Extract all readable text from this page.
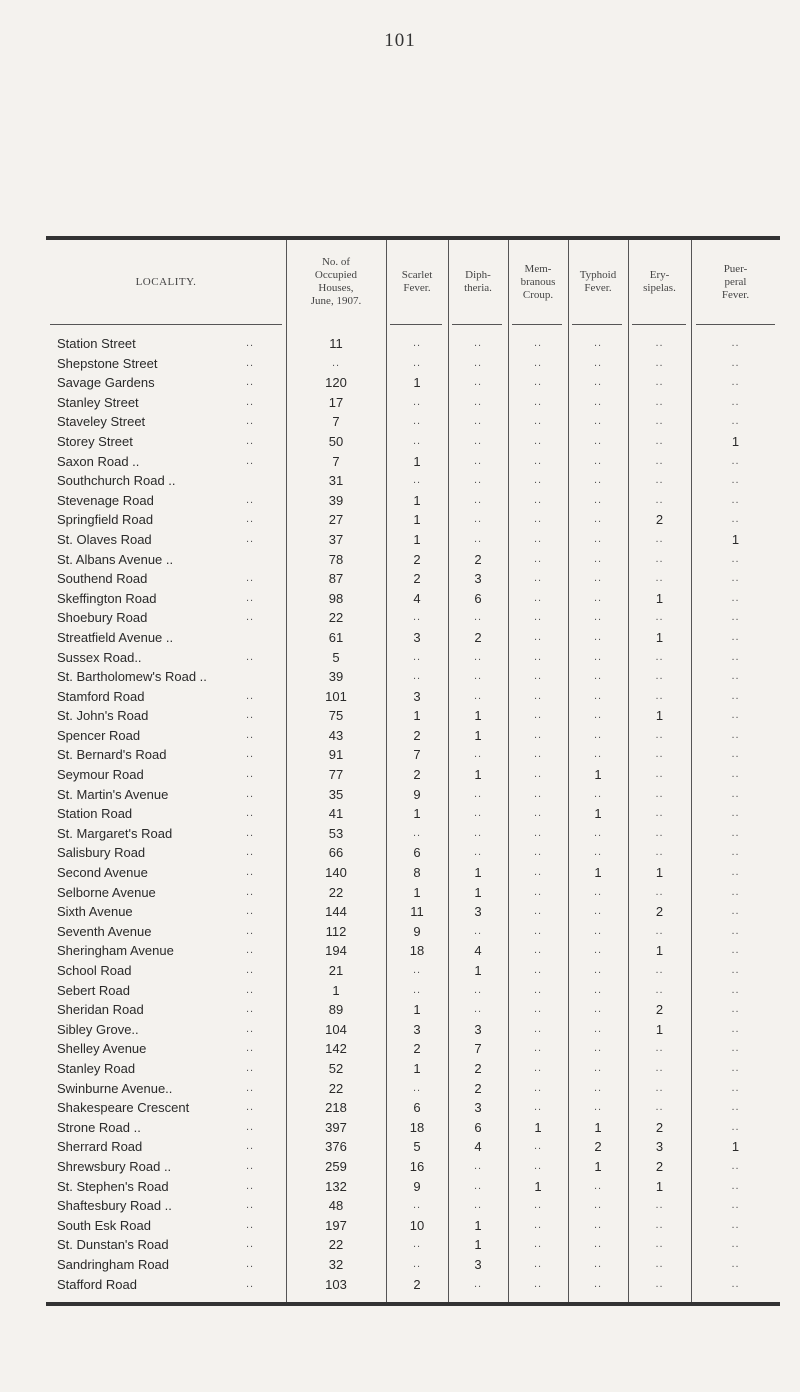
101
LOCALITY.
No. of
Occupied
Houses,
June, 1907.
Scarlet
Fever.
Diph-
theria.
Mem-
branous
Croup.
Typhoid
Fever.
Ery-
sipelas.
Puer-
peral
Fever.
Station Street	..	11	..	..	..	..	..	..
Shepstone Street	..	..	..	..	..	..	..	..
Savage Gardens	..	120	1	..	..	..	..	..
Stanley Street	..	17	..	..	..	..	..	..
Staveley Street	..	7	..	..	..	..	..	..
Storey Street	..	50	..	..	..	..	..	1
Saxon Road ..	..	7	1	..	..	..	..	..
Southchurch Road ..	31	..	..	..	..	..	..
Stevenage Road	..	39	1	..	..	..	..	..
Springfield Road	..	27	1	..	..	..	2	..
St. Olaves Road	..	37	1	..	..	..	..	1
St. Albans Avenue ..	78	2	2	..	..	..	..
Southend Road	..	87	2	3	..	..	..	..
Skeffington Road	..	98	4	6	..	..	1	..
Shoebury Road	..	22	..	..	..	..	..	..
Streatfield Avenue ..	61	3	2	..	..	1	..
Sussex Road..	..	5	..	..	..	..	..	..
St. Bartholomew's Road ..	39	..	..	..	..	..	..
Stamford Road	..	101	3	..	..	..	..	..
St. John's Road	..	75	1	1	..	..	1	..
Spencer Road	..	43	2	1	..	..	..	..
St. Bernard's Road	..	91	7	..	..	..	..	..
Seymour Road	..	77	2	1	..	1	..	..
St. Martin's Avenue	..	35	9	..	..	..	..	..
Station Road	..	41	1	..	..	1	..	..
St. Margaret's Road	..	53	..	..	..	..	..	..
Salisbury Road	..	66	6	..	..	..	..	..
Second Avenue	..	140	8	1	..	1	1	..
Selborne Avenue	..	22	1	1	..	..	..	..
Sixth Avenue	..	144	11	3	..	..	2	..
Seventh Avenue	..	112	9	..	..	..	..	..
Sheringham Avenue	..	194	18	4	..	..	1	..
School Road	..	21	..	1	..	..	..	..
Sebert Road	..	1	..	..	..	..	..	..
Sheridan Road	..	89	1	..	..	..	2	..
Sibley Grove..	..	104	3	3	..	..	1	..
Shelley Avenue	..	142	2	7	..	..	..	..
Stanley Road	..	52	1	2	..	..	..	..
Swinburne Avenue..	..	22	..	2	..	..	..	..
Shakespeare Crescent	..	218	6	3	..	..	..	..
Strone Road ..	..	397	18	6	1	1	2	..
Sherrard Road	..	376	5	4	..	2	3	1
Shrewsbury Road ..	..	259	16	..	..	1	2	..
St. Stephen's Road	..	132	9	..	1	..	1	..
Shaftesbury Road ..	..	48	..	..	..	..	..	..
South Esk Road	..	197	10	1	..	..	..	..
St. Dunstan's Road	..	22	..	1	..	..	..	..
Sandringham Road	..	32	..	3	..	..	..	..
Stafford Road	..	103	2	..	..	..	..	..
